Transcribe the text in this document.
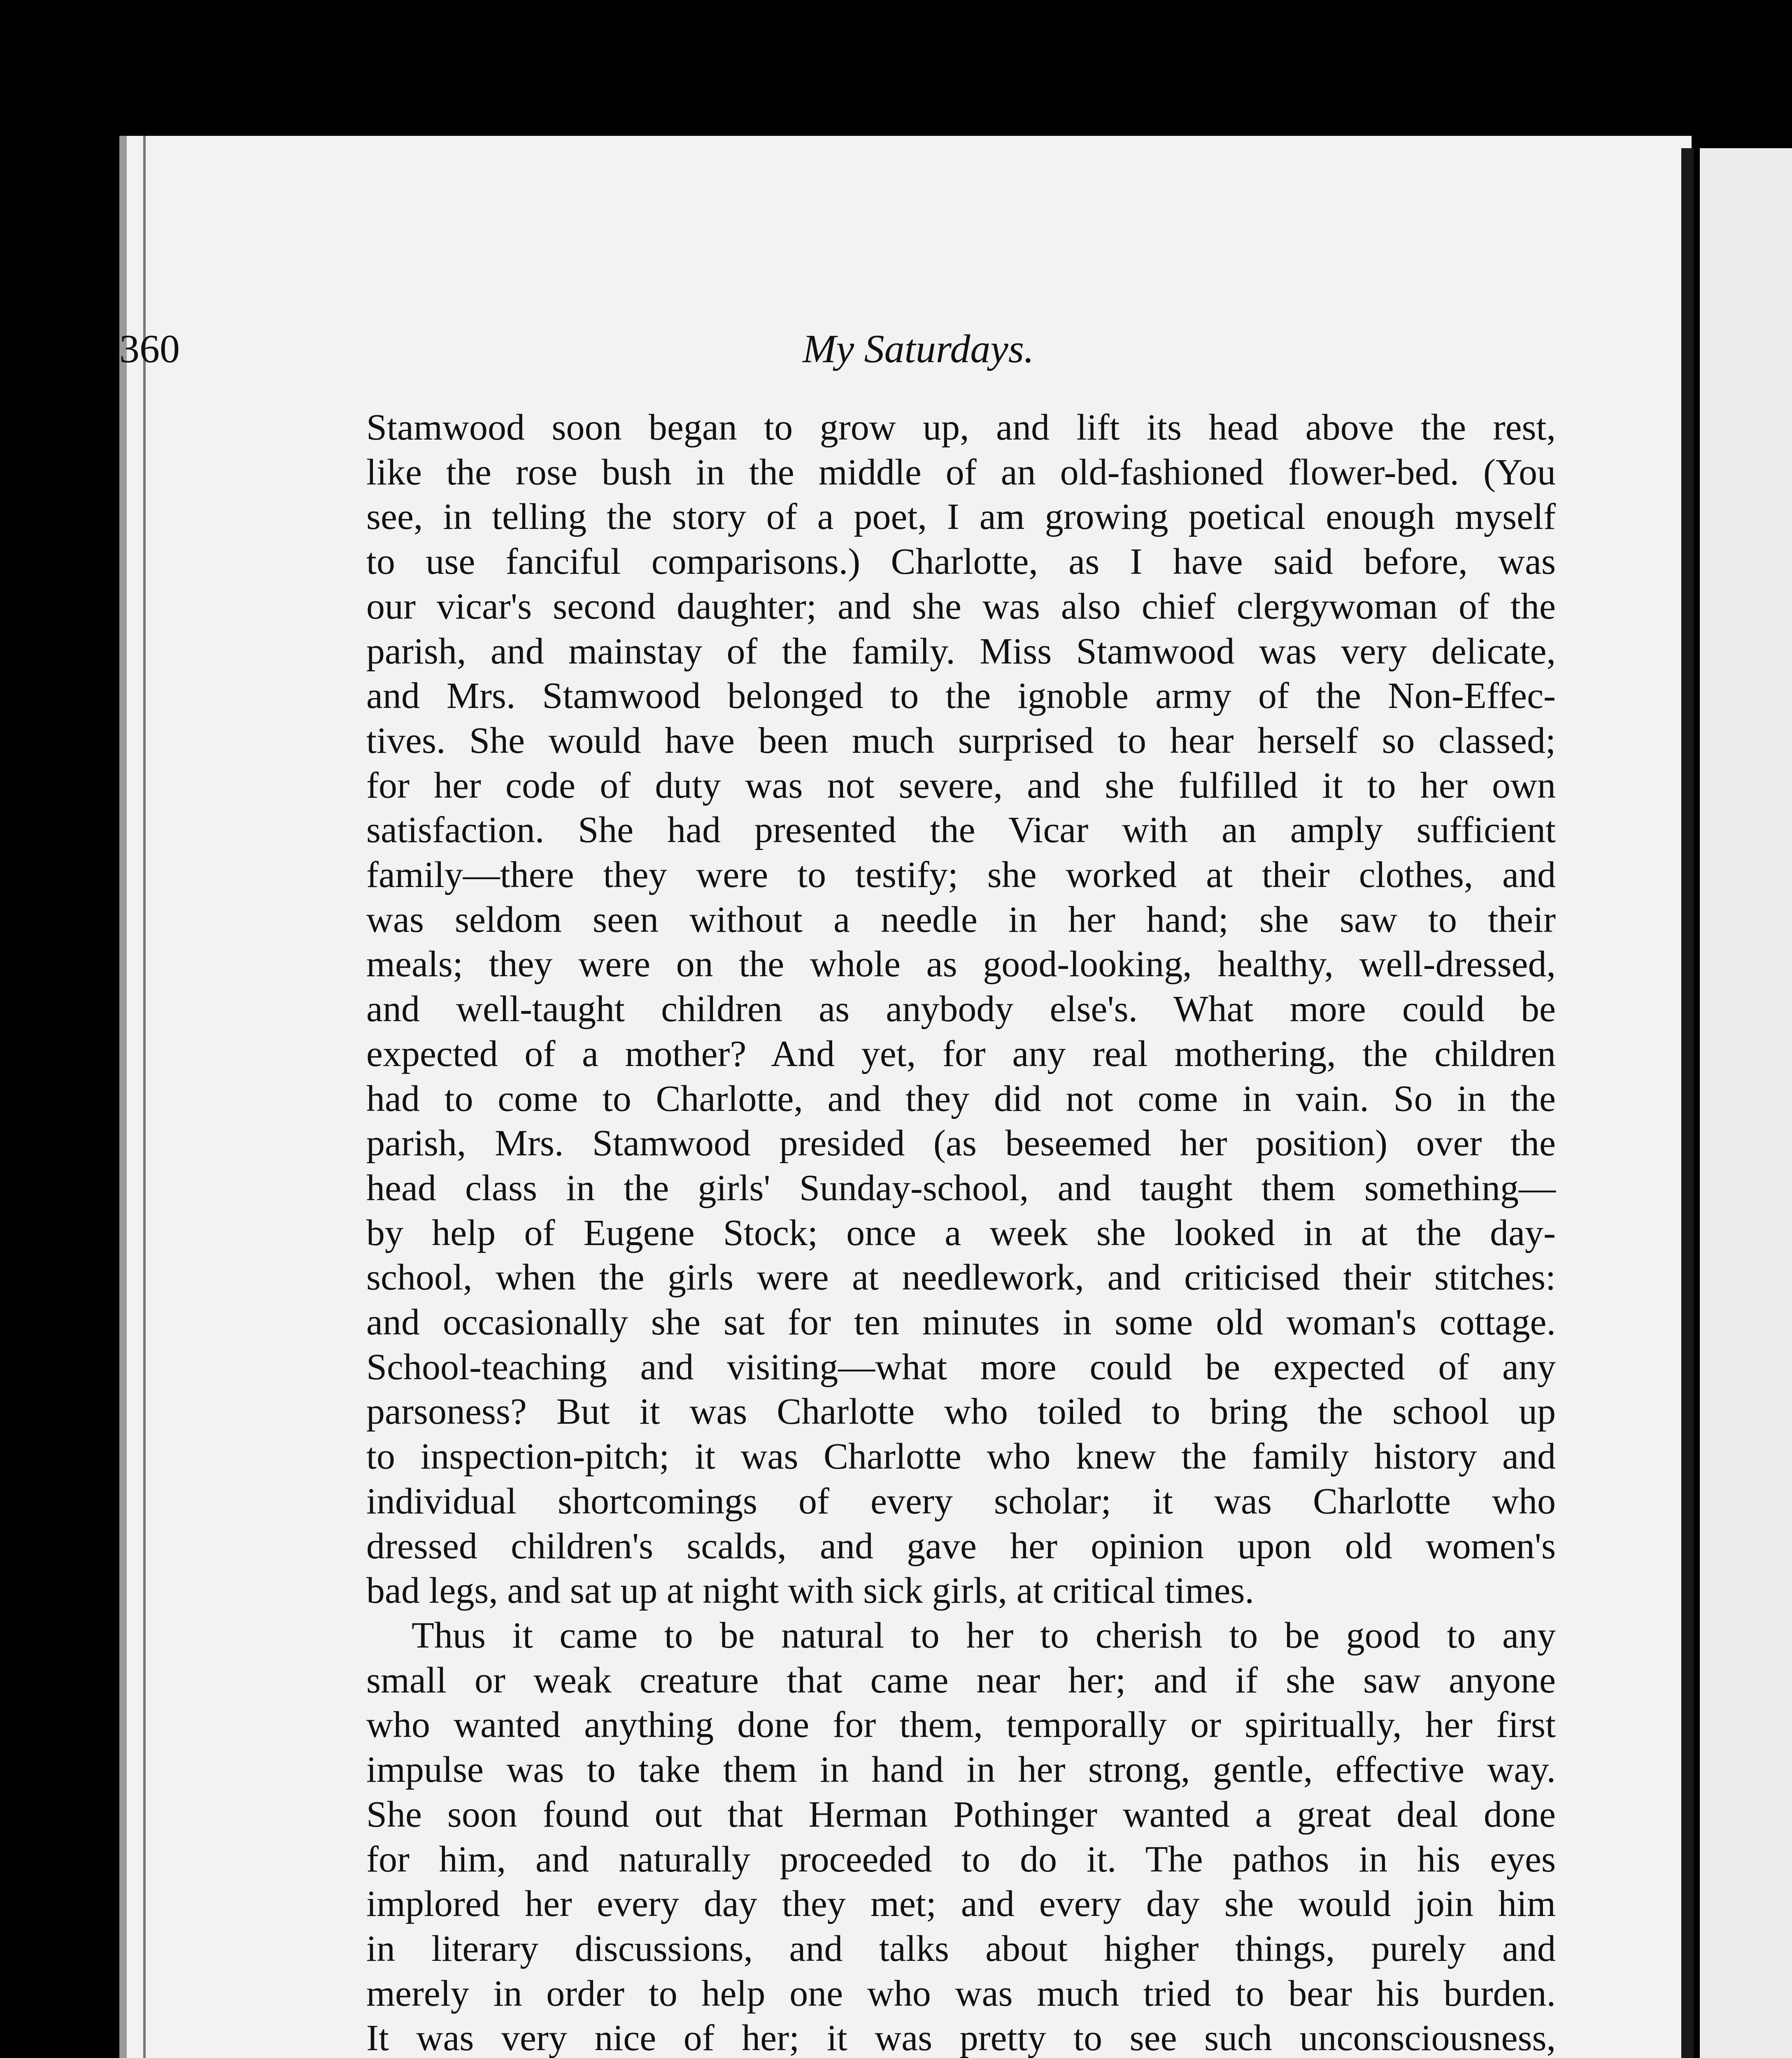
360	My Saturdays.
Stamwood soon began to grow up, and lift its head above the rest,
like the rose bush in the middle of an old-fashioned flower-bed. (You
see, in telling the story of a poet, I am growing poetical enough myself
to use fanciful comparisons.) Charlotte, as I have said before, was
our vicar's second daughter; and she was also chief clergywoman of the
parish, and mainstay of the family. Miss Stamwood was very delicate,
and Mrs. Stamwood belonged to the ignoble army of the Non-Effec-
tives. She would have been much surprised to hear herself so classed;
for her code of duty was not severe, and she fulfilled it to her own
satisfaction. She had presented the Vicar with an amply sufficient
family—there they were to testify; she worked at their clothes, and
was seldom seen without a needle in her hand; she saw to their
meals; they were on the whole as good-looking, healthy, well-dressed,
and well-taught children as anybody else's. What more could be
expected of a mother? And yet, for any real mothering, the children
had to come to Charlotte, and they did not come in vain. So in the
parish, Mrs. Stamwood presided (as beseemed her position) over the
head class in the girls' Sunday-school, and taught them something—
by help of Eugene Stock; once a week she looked in at the day-
school, when the girls were at needlework, and criticised their stitches:
and occasionally she sat for ten minutes in some old woman's cottage.
School-teaching and visiting—what more could be expected of any
parsoness? But it was Charlotte who toiled to bring the school up
to inspection-pitch; it was Charlotte who knew the family history and
individual shortcomings of every scholar; it was Charlotte who
dressed children's scalds, and gave her opinion upon old women's
bad legs, and sat up at night with sick girls, at critical times.
Thus it came to be natural to her to cherish to be good to any
small or weak creature that came near her; and if she saw anyone
who wanted anything done for them, temporally or spiritually, her first
impulse was to take them in hand in her strong, gentle, effective way.
She soon found out that Herman Pothinger wanted a great deal done
for him, and naturally proceeded to do it. The pathos in his eyes
implored her every day they met; and every day she would join him
in literary discussions, and talks about higher things, purely and
merely in order to help one who was much tried to bear his burden.
It was very nice of her; it was pretty to see such unconsciousness,
